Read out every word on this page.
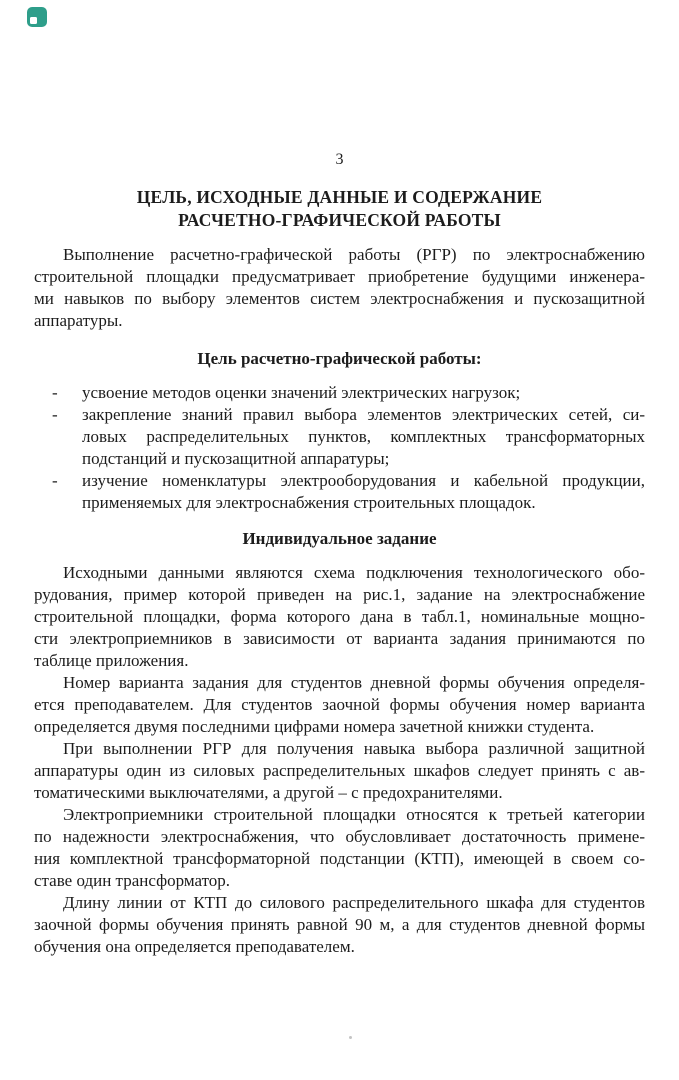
3
ЦЕЛЬ, ИСХОДНЫЕ ДАННЫЕ И СОДЕРЖАНИЕ
РАСЧЕТНО-ГРАФИЧЕСКОЙ РАБОТЫ
Выполнение расчетно-графической работы (РГР) по электроснабжению
строительной площадки предусматривает приобретение будущими инженера-
ми навыков по выбору элементов систем электроснабжения и пускозащитной
аппаратуры.
Цель расчетно-графической работы:
-	усвоение методов оценки значений электрических нагрузок;
-	закрепление знаний правил выбора элементов электрических сетей, си-
ловых распределительных пунктов, комплектных трансформаторных
подстанций и пускозащитной аппаратуры;
-	изучение номенклатуры электрооборудования и кабельной продукции,
применяемых для электроснабжения строительных площадок.
Индивидуальное задание
Исходными данными являются схема подключения технологического обо-
рудования, пример которой приведен на рис.1, задание на электроснабжение
строительной площадки, форма которого дана в табл.1, номинальные мощно-
сти электроприемников в зависимости от варианта задания принимаются по
таблице приложения.
Номер варианта задания для студентов дневной формы обучения определя-
ется преподавателем. Для студентов заочной формы обучения номер варианта
определяется двумя последними цифрами номера зачетной книжки студента.
При выполнении РГР для получения навыка выбора различной защитной
аппаратуры один из силовых распределительных шкафов следует принять с ав-
томатическими выключателями, а другой – с предохранителями.
Электроприемники строительной площадки относятся к третьей категории
по надежности электроснабжения, что обусловливает достаточность примене-
ния комплектной трансформаторной подстанции (КТП), имеющей в своем со-
ставе один трансформатор.
Длину линии от КТП до силового распределительного шкафа для студентов
заочной формы обучения принять равной 90 м, а для студентов дневной формы
обучения она определяется преподавателем.
